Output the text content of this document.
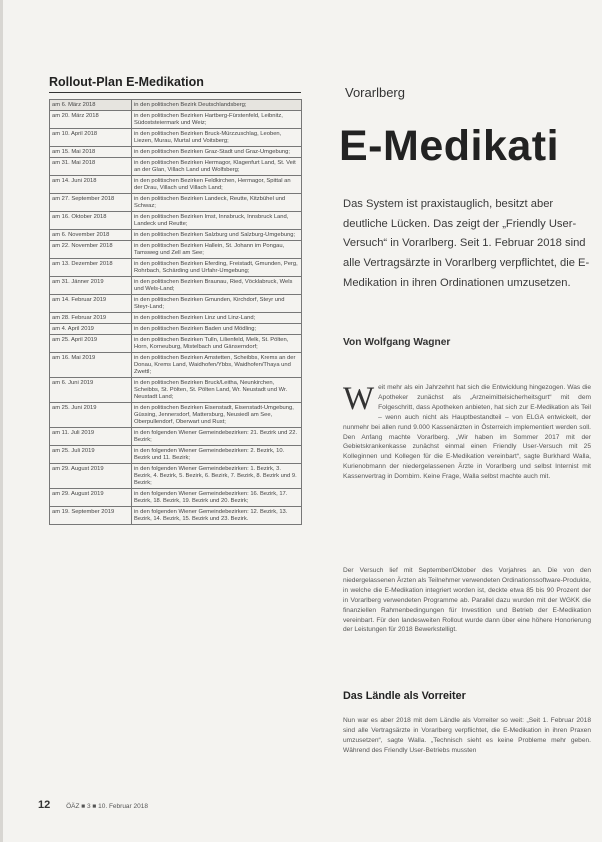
Rollout-Plan E-Medikation
am 6. März 2018	in den politischen Bezirk Deutschlandsberg;
am 20. März 2018	in den politischen Bezirken Hartberg-Fürstenfeld, Leibnitz, Südoststeiermark und Weiz;
am 10. April 2018	in den politischen Bezirken Bruck-Mürzzuschlag, Leoben, Liezen, Murau, Murtal und Voitsberg;
am 15. Mai 2018	in den politischen Bezirken Graz-Stadt und Graz-Umgebung;
am 31. Mai 2018	in den politischen Bezirken Hermagor, Klagenfurt Land, St. Veit an der Glan, Villach Land und Wolfsberg;
am 14. Juni 2018	in den politischen Bezirken Feldkirchen, Hermagor, Spittal an der Drau, Villach und Villach Land;
am 27. September 2018	in den politischen Bezirken Landeck, Reutte, Kitzbühel und Schwaz;
am 16. Oktober 2018	in den politischen Bezirken Imst, Innsbruck, Innsbruck Land, Landeck und Reutte;
am 6. November 2018	in den politischen Bezirken Salzburg und Salzburg-Umgebung;
am 22. November 2018	in den politischen Bezirken Hallein, St. Johann im Pongau, Tamsweg und Zell am See;
am 13. Dezember 2018	in den politischen Bezirken Eferding, Freistadt, Gmunden, Perg, Rohrbach, Schärding und Urfahr-Umgebung;
am 31. Jänner 2019	in den politischen Bezirken Braunau, Ried, Vöcklabruck, Wels und Wels-Land;
am 14. Februar 2019	in den politischen Bezirken Gmunden, Kirchdorf, Steyr und Steyr-Land;
am 28. Februar 2019	in den politischen Bezirken Linz und Linz-Land;
am 4. April 2019	in den politischen Bezirken Baden und Mödling;
am 25. April 2019	in den politischen Bezirken Tulln, Lilienfeld, Melk, St. Pölten, Horn, Korneuburg, Mistelbach und Gänserndorf;
am 16. Mai 2019	in den politischen Bezirken Amstetten, Scheibbs, Krems an der Donau, Krems Land, Waidhofen/Ybbs, Waidhofen/Thaya und Zwettl;
am 6. Juni 2019	in den politischen Bezirken Bruck/Leitha, Neunkirchen, Scheibbs, St. Pölten, St. Pölten Land, Wr. Neustadt und Wr. Neustadt Land;
am 25. Juni 2019	in den politischen Bezirken Eisenstadt, Eisenstadt-Umgebung, Güssing, Jennersdorf, Mattersburg, Neusiedl am See, Oberpullendorf, Oberwart und Rust;
am 11. Juli 2019	in den folgenden Wiener Gemeindebezirken: 21. Bezirk und 22. Bezirk;
am 25. Juli 2019	in den folgenden Wiener Gemeindebezirken: 2. Bezirk, 10. Bezirk und 11. Bezirk;
am 29. August 2019	in den folgenden Wiener Gemeindebezirken: 1. Bezirk, 3. Bezirk, 4. Bezirk, 5. Bezirk, 6. Bezirk, 7. Bezirk, 8. Bezirk und 9. Bezirk;
am 29. August 2019	in den folgenden Wiener Gemeindebezirken: 16. Bezirk, 17. Bezirk, 18. Bezirk, 19. Bezirk und 20. Bezirk;
am 19. September 2019	in den folgenden Wiener Gemeindebezirken: 12. Bezirk, 13. Bezirk, 14. Bezirk, 15. Bezirk und 23. Bezirk.
Vorarlberg
E-Medikati
Das System ist praxistauglich, besitzt aber deutliche Lücken. Das zeigt der „Friendly User-Versuch“ in Vorarlberg. Seit 1. Februar 2018 sind alle Vertragsärzte in Vorarlberg verpflichtet, die E-Medikation in ihren Ordinationen umzusetzen.
Von Wolfgang Wagner

Weit mehr als ein Jahrzehnt hat sich die Entwicklung hingezogen. Was die Apotheker zunächst als „Arzneimittelsicherheitsgurt“ mit dem Folgeschritt, dass Apotheken anbieten, hat sich zur E-Medikation als Teil – wenn auch nicht als Hauptbestandteil – von ELGA entwickelt, der nunmehr bei allen rund 9.000 Kassenärzten in Österreich implementiert werden soll. Den Anfang machte Vorarlberg. „Wir haben im Sommer 2017 mit der Gebietskrankenkasse zunächst einmal einen Friendly User-Versuch mit 25 Kolleginnen und Kollegen für die E-Medikation vereinbart“, sagte Burkhard Walla, Kurienobmann der niedergelassenen Ärzte in Vorarlberg und selbst Internist mit Kassenvertrag in Dornbirn. Keine Frage, Walla selbst machte auch mit.

Der Versuch lief mit September/Oktober des Vorjahres an. Die von den niedergelassenen Ärzten als Teilnehmer verwendeten Ordinationssoftware-Produkte, in welche die E-Medikation integriert worden ist, deckte etwa 85 bis 90 Prozent der in Vorarlberg verwendeten Programme ab. Parallel dazu wurden mit der WGKK die finanziellen Rahmenbedingungen für Investition und Betrieb der E-Medikation vereinbart. Für den landesweiten Rollout wurde dann über eine höhere Honorierung der Leistungen für 2018 Bewerkstelligt.

Das Ländle als Vorreiter

Nun war es aber 2018 mit dem Ländle als Vorreiter so weit: „Seit 1. Februar 2018 sind alle Vertragsärzte in Vorarlberg verpflichtet, die E-Medikation in ihren Praxen umzusetzen“, sagte Walla. „Technisch sieht es keine Probleme mehr geben. Während des Friendly User-Betriebs mussten

12 ÖÄZ ■ 3 ■ 10. Februar 2018
